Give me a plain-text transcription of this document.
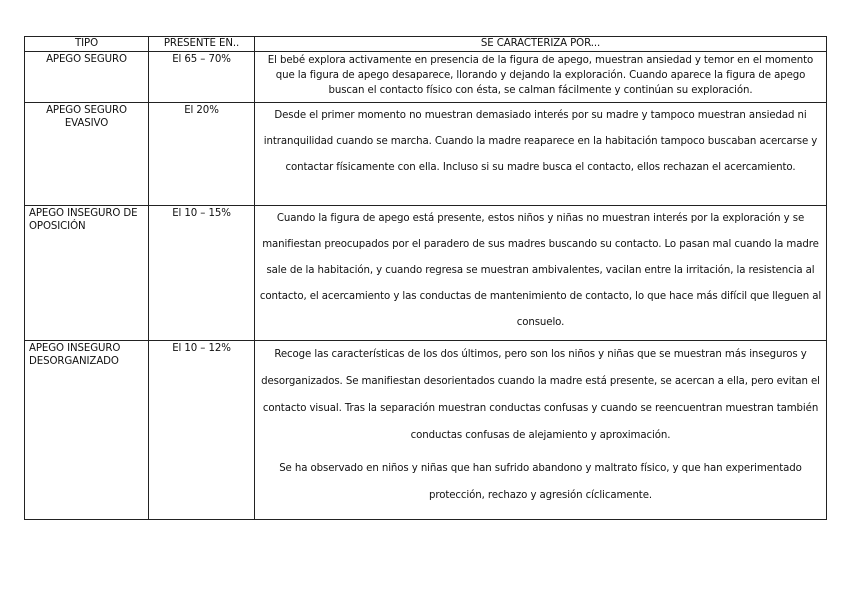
TIPO	PRESENTE EN..	SE CARACTERIZA POR...
APEGO SEGURO	El 65 – 70%	El bebé explora activamente en presencia de la figura de apego, muestran ansiedad y temor en el momento que la figura de apego desaparece, llorando y dejando la exploración. Cuando aparece la figura de apego buscan el contacto físico con ésta, se calman fácilmente y continúan su exploración.

APEGO SEGURO EVASIVO	El 20%	Desde el primer momento no muestran demasiado interés por su madre y tampoco muestran ansiedad ni intranquilidad cuando se marcha. Cuando la madre reaparece en la habitación tampoco buscaban acercarse y contactar físicamente con ella. Incluso si su madre busca el contacto, ellos rechazan el acercamiento.

APEGO INSEGURO DE OPOSICIÓN	El 10 – 15%	Cuando la figura de apego está presente, estos niños y niñas no muestran interés por la exploración y se manifiestan preocupados por el paradero de sus madres buscando su contacto. Lo pasan mal cuando la madre sale de la habitación, y cuando regresa se muestran ambivalentes, vacilan entre la irritación, la resistencia al contacto, el acercamiento y las conductas de mantenimiento de contacto, lo que hace más difícil que lleguen al consuelo.

APEGO INSEGURO DESORGANIZADO	El 10 – 12%	Recoge las características de los dos últimos, pero son los niños y niñas que se muestran más inseguros y desorganizados. Se manifiestan desorientados cuando la madre está presente, se acercan a ella, pero evitan el contacto visual. Tras la separación muestran conductas confusas y cuando se reencuentran muestran también conductas confusas de alejamiento y aproximación.

Se ha observado en niños y niñas que han sufrido abandono y maltrato físico, y que han experimentado protección, rechazo y agresión cíclicamente.
